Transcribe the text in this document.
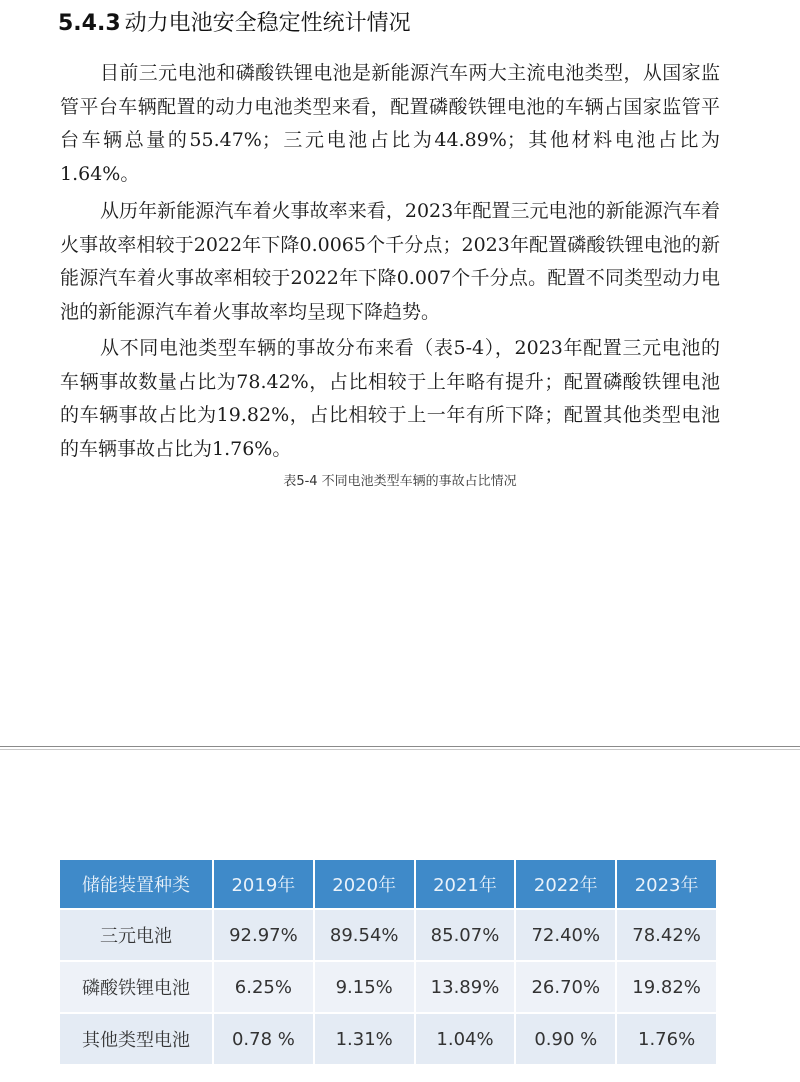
5.4.3 动力电池安全稳定性统计情况

目前三元电池和磷酸铁锂电池是新能源汽车两大主流电池类型，从国家监管平台车辆配置的动力电池类型来看，配置磷酸铁锂电池的车辆占国家监管平台车辆总量的55.47%；三元电池占比为44.89%；其他材料电池占比为1.64%。

从历年新能源汽车着火事故率来看，2023年配置三元电池的新能源汽车着火事故率相较于2022年下降0.0065个千分点；2023年配置磷酸铁锂电池的新能源汽车着火事故率相较于2022年下降0.007个千分点。配置不同类型动力电池的新能源汽车着火事故率均呈现下降趋势。

从不同电池类型车辆的事故分布来看（表5-4），2023年配置三元电池的车辆事故数量占比为78.42%，占比相较于上年略有提升；配置磷酸铁锂电池的车辆事故占比为19.82%，占比相较于上一年有所下降；配置其他类型电池的车辆事故占比为1.76%。

表5-4 不同电池类型车辆的事故占比情况
储能装置种类	2019年	2020年	2021年	2022年	2023年
三元电池	92.97%	89.54%	85.07%	72.40%	78.42%
磷酸铁锂电池	6.25%	9.15%	13.89%	26.70%	19.82%
其他类型电池	0.78 %	1.31%	1.04%	0.90 %	1.76%
